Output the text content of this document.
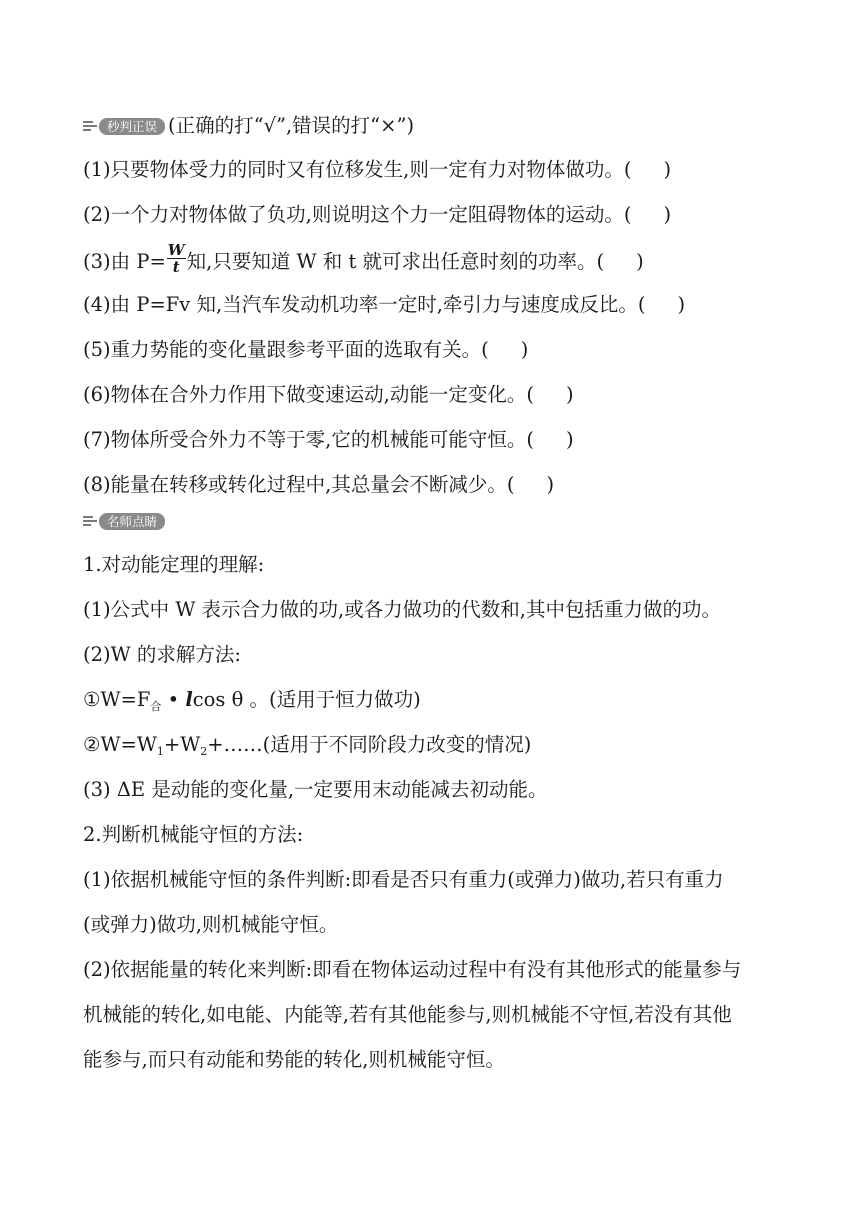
秒判正误 (正确的打“√”,错误的打“×”)
(1)只要物体受力的同时又有位移发生,则一定有力对物体做功。( )
(2)一个力对物体做了负功,则说明这个力一定阻碍物体的运动。( )
(3)由 $P= \frac{W}{t}$ 知,只要知道 W 和 t 就可求出任意时刻的功率。( )
(4)由 P=Fv 知,当汽车发动机功率一定时,牵引力与速度成反比。( )
(5)重力势能的变化量跟参考平面的选取有关。( )
(6)物体在合外力作用下做变速运动,动能一定变化。( )
(7)物体所受合外力不等于零,它的机械能可能守恒。( )
(8)能量在转移或转化过程中,其总量会不断减少。( )
名师点睛
1.对动能定理的理解:
(1)公式中 W 表示合力做的功,或各力做功的代数和,其中包括重力做的功。
(2)W 的求解方法:
$①W=F_合$ • lcos θ 。(适用于恒力做功)
$②W=W_1+W_2+\dots\dots$(适用于不同阶段力改变的情况)
(3) ΔE 是动能的变化量,一定要用末动能减去初动能。
2.判断机械能守恒的方法:
(1)依据机械能守恒的条件判断:即看是否只有重力(或弹力)做功,若只有重力
(或弹力)做功,则机械能守恒。
(2)依据能量的转化来判断:即看在物体运动过程中有没有其他形式的能量参与
机械能的转化,如电能、内能等,若有其他能参与,则机械能不守恒,若没有其他
能参与,而只有动能和势能的转化,则机械能守恒。
